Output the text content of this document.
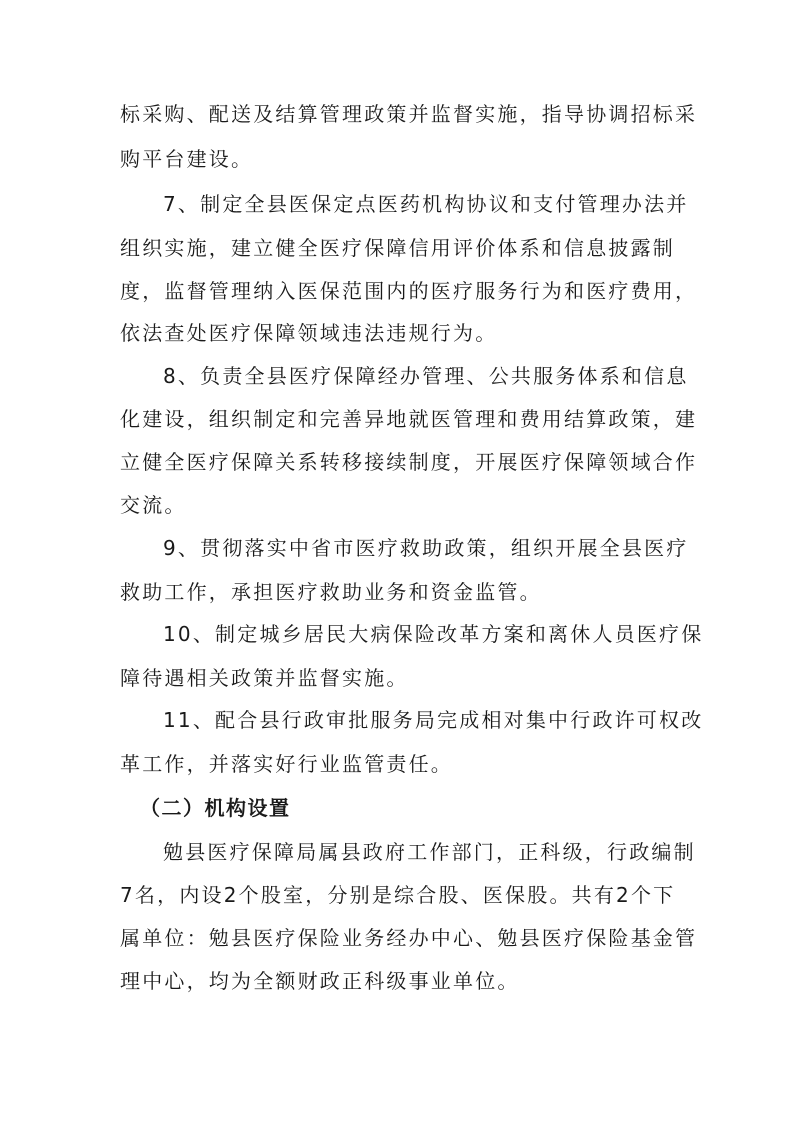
标采购、配送及结算管理政策并监督实施，指导协调招标采

购平台建设。

7、制定全县医保定点医药机构协议和支付管理办法并

组织实施，建立健全医疗保障信用评价体系和信息披露制

度，监督管理纳入医保范围内的医疗服务行为和医疗费用，

依法查处医疗保障领域违法违规行为。

8、负责全县医疗保障经办管理、公共服务体系和信息

化建设，组织制定和完善异地就医管理和费用结算政策，建

立健全医疗保障关系转移接续制度，开展医疗保障领域合作

交流。

9、贯彻落实中省市医疗救助政策，组织开展全县医疗

救助工作，承担医疗救助业务和资金监管。

10、制定城乡居民大病保险改革方案和离休人员医疗保

障待遇相关政策并监督实施。

11、配合县行政审批服务局完成相对集中行政许可权改

革工作，并落实好行业监管责任。

（二）机构设置

勉县医疗保障局属县政府工作部门，正科级，行政编制

7名，内设2个股室，分别是综合股、医保股。共有2个下

属单位：勉县医疗保险业务经办中心、勉县医疗保险基金管

理中心，均为全额财政正科级事业单位。
